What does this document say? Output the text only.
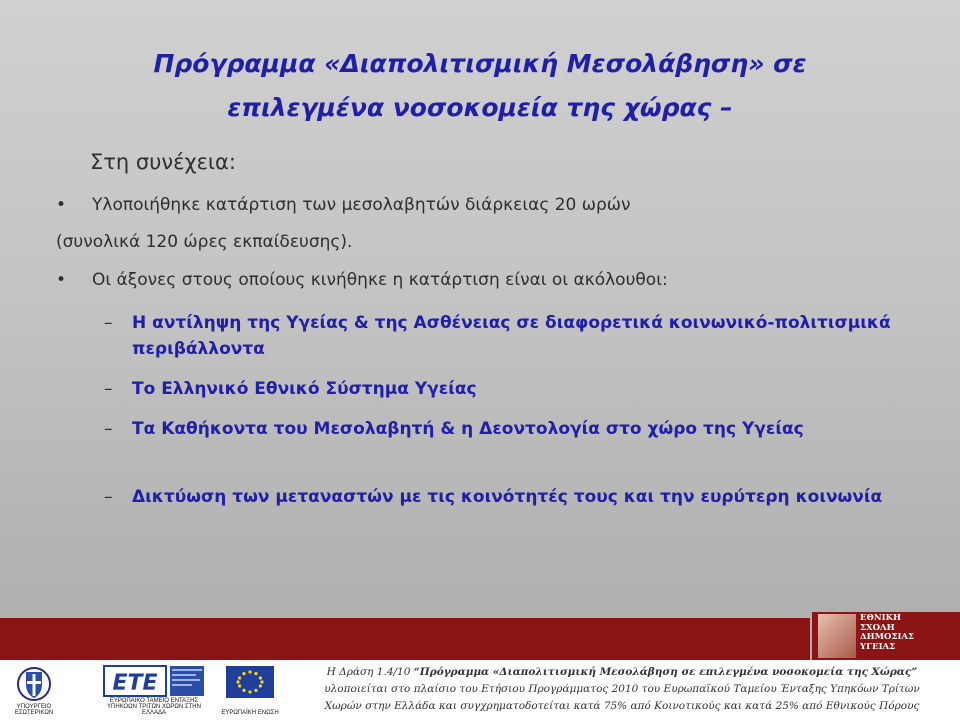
Πρόγραμμα «Διαπολιτισμική Μεσολάβηση» σε
επιλεγμένα νοσοκομεία της χώρας –
Στη συνέχεια:
• Υλοποιήθηκε κατάρτιση των μεσολαβητών διάρκειας 20 ωρών
(συνολικά 120 ώρες εκπαίδευσης).
• Οι άξονες στους οποίους κινήθηκε η κατάρτιση είναι οι ακόλουθοι:
– Η αντίληψη της Υγείας & της Ασθένειας σε διαφορετικά κοινωνικό-πολιτισμικά περιβάλλοντα
– Το Ελληνικό Εθνικό Σύστημα Υγείας
– Τα Καθήκοντα του Μεσολαβητή & η Δεοντολογία στο χώρο της Υγείας
– Δικτύωση των μεταναστών με τις κοινότητές τους και την ευρύτερη κοινωνία
ΕΘΝΙΚΗ
ΣΧΟΛΗ
ΔΗΜΟΣΙΑΣ
ΥΓΕΙΑΣ
ΥΠΟΥΡΓΕΙΟ ΕΣΩΤΕΡΙΚΩΝ
ΕΤΕ
ΕΥΡΩΠΑΪΚΟ ΤΑΜΕΙΟ ΕΝΤΑΞΗΣ ΥΠΗΚΟΩΝ ΤΡΙΤΩΝ ΧΩΡΩΝ ΣΤΗΝ ΕΛΛΑΔΑ	ΕΥΡΩΠΑΪΚΗ ΕΝΩΣΗ
Η Δράση 1.4/10 “Πρόγραμμα «Διαπολιτισμική Μεσολάβηση σε επιλεγμένα νοσοκομεία της Χώρας”
υλοποιείται στο πλαίσιο του Ετήσιου Προγράμματος 2010 του Ευρωπαϊκού Ταμείου Ένταξης Υπηκόων Τρίτων
Χωρών στην Ελλάδα και συγχρηματοδοτείται κατά 75% από Κοινοτικούς και κατά 25% από Εθνικούς Πόρους
